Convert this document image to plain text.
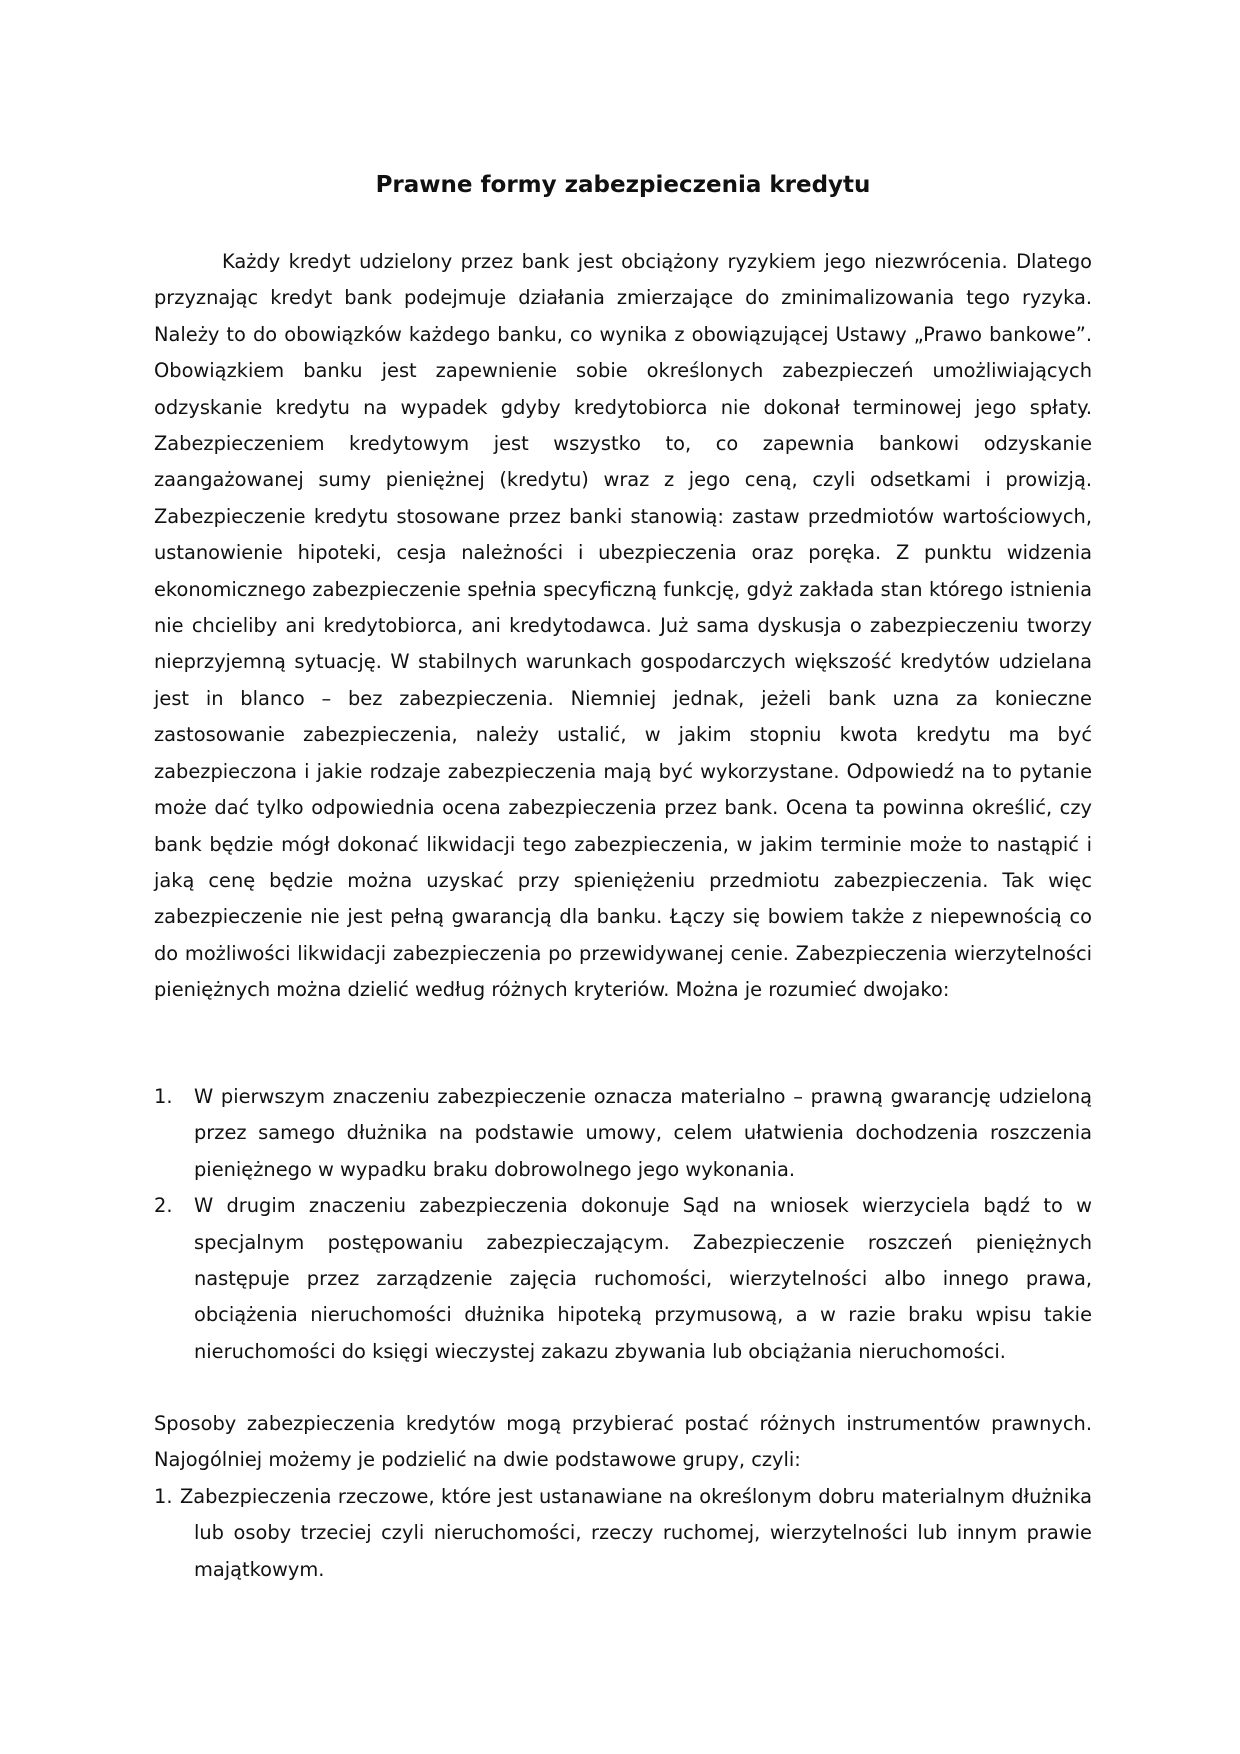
Prawne formy zabezpieczenia kredytu

Każdy kredyt udzielony przez bank jest obciążony ryzykiem jego niezwrócenia. Dlatego przyznając kredyt bank podejmuje działania zmierzające do zminimalizowania tego ryzyka. Należy to do obowiązków każdego banku, co wynika z obowiązującej Ustawy „Prawo bankowe”. Obowiązkiem banku jest zapewnienie sobie określonych zabezpieczeń umożliwiających odzyskanie kredytu na wypadek gdyby kredytobiorca nie dokonał terminowej jego spłaty. Zabezpieczeniem kredytowym jest wszystko to, co zapewnia bankowi odzyskanie zaangażowanej sumy pieniężnej (kredytu) wraz z jego ceną, czyli odsetkami i prowizją. Zabezpieczenie kredytu stosowane przez banki stanowią: zastaw przedmiotów wartościowych, ustanowienie hipoteki, cesja należności i ubezpieczenia oraz poręka. Z punktu widzenia ekonomicznego zabezpieczenie spełnia specyficzną funkcję, gdyż zakłada stan którego istnienia nie chcieliby ani kredytobiorca, ani kredytodawca. Już sama dyskusja o zabezpieczeniu tworzy nieprzyjemną sytuację. W stabilnych warunkach gospodarczych większość kredytów udzielana jest in blanco – bez zabezpieczenia. Niemniej jednak, jeżeli bank uzna za konieczne zastosowanie zabezpieczenia, należy ustalić, w jakim stopniu kwota kredytu ma być zabezpieczona i jakie rodzaje zabezpieczenia mają być wykorzystane. Odpowiedź na to pytanie może dać tylko odpowiednia ocena zabezpieczenia przez bank. Ocena ta powinna określić, czy bank będzie mógł dokonać likwidacji tego zabezpieczenia, w jakim terminie może to nastąpić i jaką cenę będzie można uzyskać przy spieniężeniu przedmiotu zabezpieczenia. Tak więc zabezpieczenie nie jest pełną gwarancją dla banku. Łączy się bowiem także z niepewnością co do możliwości likwidacji zabezpieczenia po przewidywanej cenie. Zabezpieczenia wierzytelności pieniężnych można dzielić według różnych kryteriów. Można je rozumieć dwojako:

1. W pierwszym znaczeniu zabezpieczenie oznacza materialno – prawną gwarancję udzieloną przez samego dłużnika na podstawie umowy, celem ułatwienia dochodzenia roszczenia pieniężnego w wypadku braku dobrowolnego jego wykonania.
2. W drugim znaczeniu zabezpieczenia dokonuje Sąd na wniosek wierzyciela bądź to w specjalnym postępowaniu zabezpieczającym. Zabezpieczenie roszczeń pieniężnych następuje przez zarządzenie zajęcia ruchomości, wierzytelności albo innego prawa, obciążenia nieruchomości dłużnika hipoteką przymusową, a w razie braku wpisu takie nieruchomości do księgi wieczystej zakazu zbywania lub obciążania nieruchomości.

Sposoby zabezpieczenia kredytów mogą przybierać postać różnych instrumentów prawnych. Najogólniej możemy je podzielić na dwie podstawowe grupy, czyli:

1. Zabezpieczenia rzeczowe, które jest ustanawiane na określonym dobru materialnym dłużnika lub osoby trzeciej czyli nieruchomości, rzeczy ruchomej, wierzytelności lub innym prawie majątkowym.
